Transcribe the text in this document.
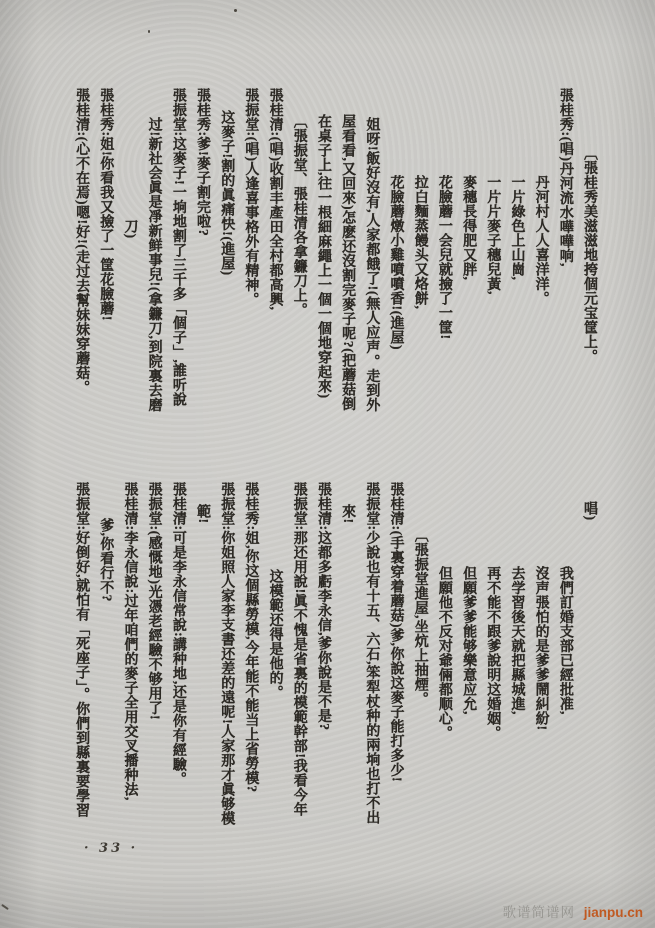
〔張桂秀美滋滋地挎個元宝筐上。
張桂秀:(唱)丹河流水嘩嘩响,
丹河村人人喜洋洋。
一片綠色上山崗,
一片片麥子穗兒黃,
麥穗長得肥又胖,
花臉蘑一会兒就撿了一筐!
拉白麵蒸饅头又烙餅,
花臉蘑燉小雞噴噴香!(進屋)
姐呀!飯好沒有,人家都餓了!(無人应声。走到外
屋看看,又回來)怎麽还沒割完麥子呢?(把蘑菇倒
在桌子上,往一根細麻繩上一個一個地穿起來)
〔張振堂、張桂清各拿鐮刀上。
張桂清:(唱)收割丰產田全村都高興,
張振堂:(唱)人逢喜事格外有精神。
这麥子!割的眞痛快!(進屋)
張桂秀:爹!麥子割完啦?
張振堂:这麥子!一垧地割了三千多「個子」,誰听說
过!新社会眞是凈新鲜事兒!(拿鐮刀,到院裏去磨
刀)
張桂秀:姐!你看我又撿了一筐花臉蘑!
張桂清:(心不在焉)嗯!好!(走过去幫妹妹穿蘑菇。
唱)
我們訂婚支部已經批准,
沒声張怕的是爹爹鬧糾紛!
去学習後天就把縣城進,
再不能不跟爹說明这婚姻。
但願爹爹能够樂意应允,
但願他不反对爺倆都顺心。
〔張振堂進屋,坐炕上抽煙。
張桂清:(手裏穿着蘑菇)爹,你說这麥子能打多少!
張振堂:少說也有十五、六石,笨犁杖种的兩垧也打不出
來!
張桂清:这都多虧李永信,爹你說是不是?
張振堂:那还用說!眞不愧是省裏的模範幹部!我看今年
这模範还得是他的。
張桂秀:姐,你这個縣勞模,今年能不能当上省勞模?
張振堂:你姐照人家李支書还差的遠呢!人家那才眞够模
範!
張桂清:可是李永信常說:講种地,还是你有經驗。
張振堂:(感慨地)光憑老經驗不够用了!
張桂清:李永信說:过年咱們的麥子全用交叉播种法,
爹,你看行不?
張振堂:好倒好,就怕有「死座子」。你們到縣裏要學習
· 33 ·
歌谱简谱网 jianpu.cn
